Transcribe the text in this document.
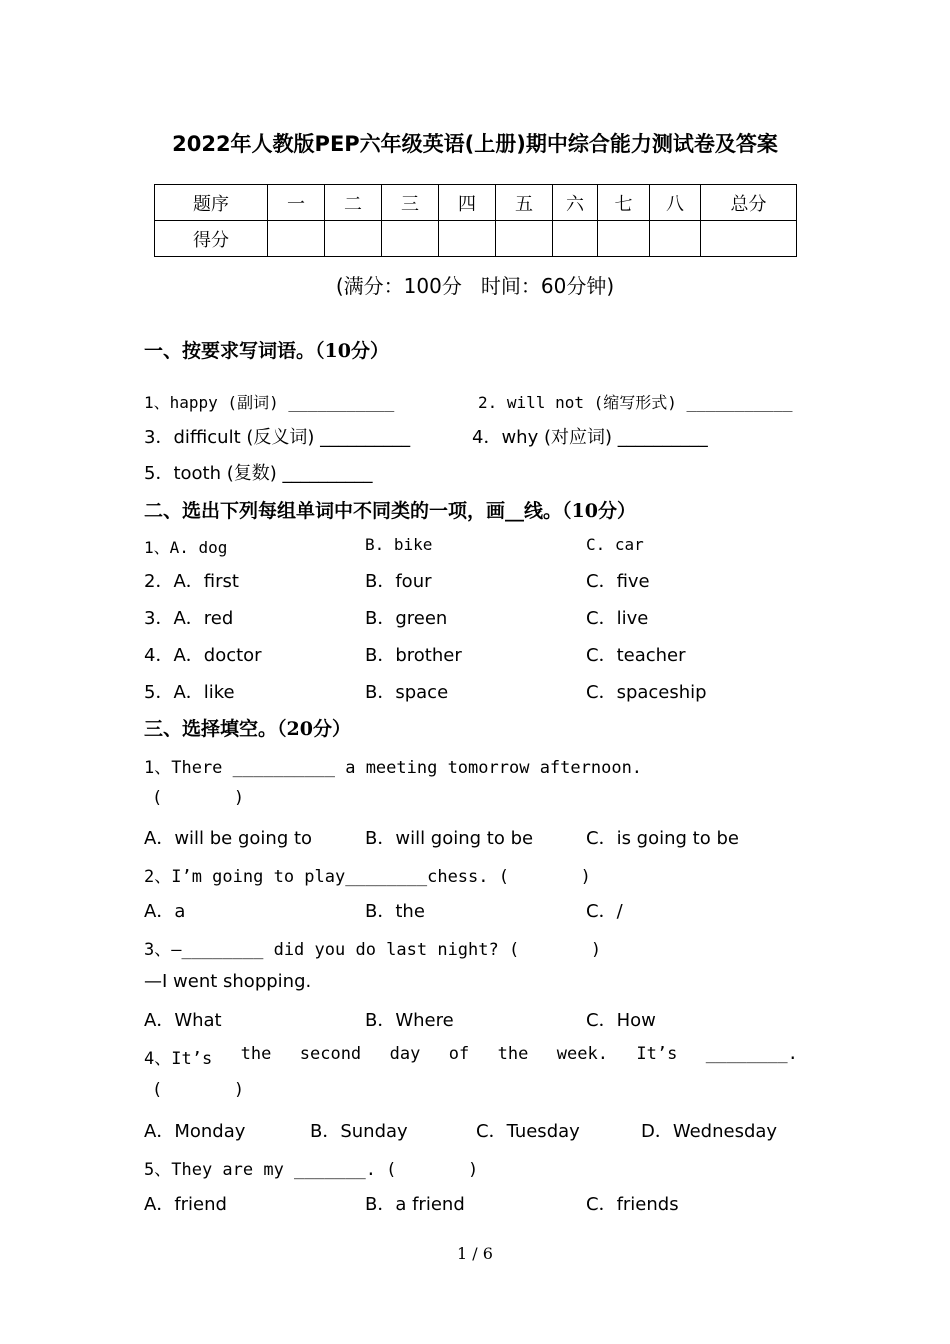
2022年人教版PEP六年级英语(上册)期中综合能力测试卷及答案
题序	一	二	三	四	五	六	七	八	总分
得分									
(满分：100分   时间：60分钟)
一、按要求写词语。（10分）
1、happy (副词) ___________	2. will not (缩写形式) ___________
3．difficult (反义词) __________	4．why (对应词) __________
5．tooth (复数) __________
二、选出下列每组单词中不同类的一项，画__线。（10分）
1、A. dog	B. bike	C. car
2．A．first	B．four	C．five
3．A．red	B．green	C．live
4．A．doctor	B．brother	C．teacher
5．A．like	B．space	C．spaceship
三、选择填空。（20分）
1、There __________ a meeting tomorrow afternoon.
(       )
A．will be going to	B．will going to be	C．is going to be
2、I’m going to play________chess. (       )
A．a	B．the	C．/
3、—________ did you do last night? (       )
—I went shopping.
A．What	B．Where	C．How
4、It’s the second day of the week. It’s ________.
(       )
A．Monday	B．Sunday	C．Tuesday	D．Wednesday
5、They are my _______. (       )
A．friend	B．a friend	C．friends
1 / 6
